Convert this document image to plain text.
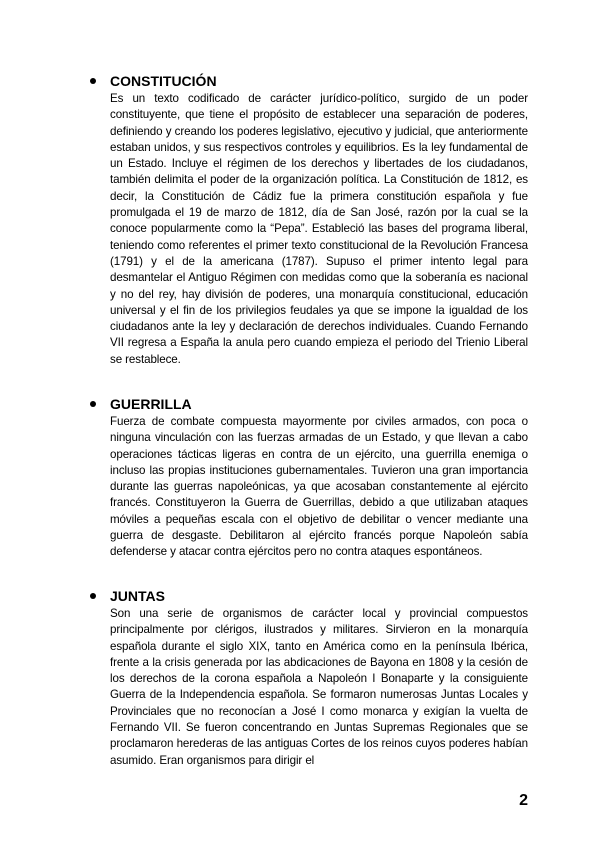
CONSTITUCIÓN

Es un texto codificado de carácter jurídico-político, surgido de un poder constituyente, que tiene el propósito de establecer una separación de poderes, definiendo y creando los poderes legislativo, ejecutivo y judicial, que anteriormente estaban unidos, y sus respectivos controles y equilibrios. Es la ley fundamental de un Estado. Incluye el régimen de los derechos y libertades de los ciudadanos, también delimita el poder de la organización política. La Constitución de 1812, es decir, la Constitución de Cádiz fue la primera constitución española y fue promulgada el 19 de marzo de 1812, día de San José, razón por la cual se la conoce popularmente como la “Pepa”. Estableció las bases del programa liberal, teniendo como referentes el primer texto constitucional de la Revolución Francesa (1791) y el de la americana (1787). Supuso el primer intento legal para desmantelar el Antiguo Régimen con medidas como que la soberanía es nacional y no del rey, hay división de poderes, una monarquía constitucional, educación universal y el fin de los privilegios feudales ya que se impone la igualdad de los ciudadanos ante la ley y declaración de derechos individuales. Cuando Fernando VII regresa a España la anula pero cuando empieza el periodo del Trienio Liberal se restablece.

GUERRILLA

Fuerza de combate compuesta mayormente por civiles armados, con poca o ninguna vinculación con las fuerzas armadas de un Estado, y que llevan a cabo operaciones tácticas ligeras en contra de un ejército, una guerrilla enemiga o incluso las propias instituciones gubernamentales. Tuvieron una gran importancia durante las guerras napoleónicas, ya que acosaban constantemente al ejército francés. Constituyeron la Guerra de Guerrillas, debido a que utilizaban ataques móviles a pequeñas escala con el objetivo de debilitar o vencer mediante una guerra de desgaste. Debilitaron al ejército francés porque Napoleón sabía defenderse y atacar contra ejércitos pero no contra ataques espontáneos.

JUNTAS

Son una serie de organismos de carácter local y provincial compuestos principalmente por clérigos, ilustrados y militares. Sirvieron en la monarquía española durante el siglo XIX, tanto en América como en la península Ibérica, frente a la crisis generada por las abdicaciones de Bayona en 1808 y la cesión de los derechos de la corona española a Napoleón I Bonaparte y la consiguiente Guerra de la Independencia española. Se formaron numerosas Juntas Locales y Provinciales que no reconocían a José I como monarca y exigían la vuelta de Fernando VII. Se fueron concentrando en Juntas Supremas Regionales que se proclamaron herederas de las antiguas Cortes de los reinos cuyos poderes habían asumido. Eran organismos para dirigir el

2
